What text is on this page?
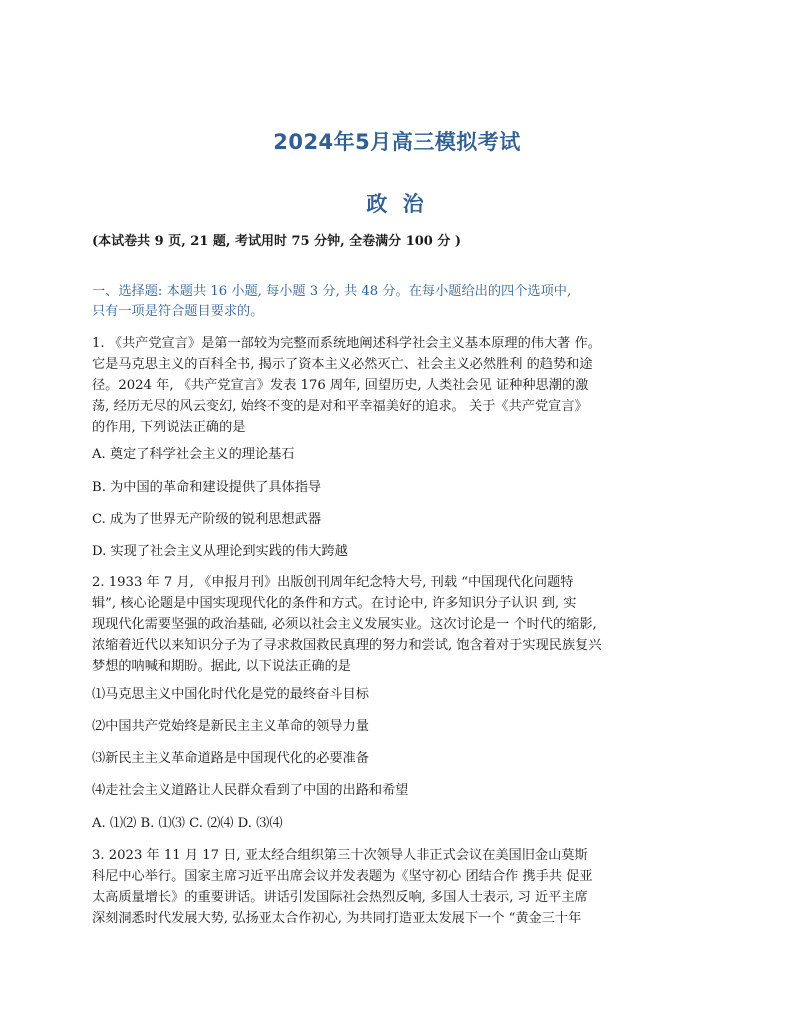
2024年5月高三模拟考试
政 治
(本试卷共 9 页, 21 题, 考试用时 75 分钟, 全卷满分 100 分 )
一、选择题: 本题共 16 小题, 每小题 3 分, 共 48 分。在每小题给出的四个选项中,
只有一项是符合题目要求的。
1. 《共产党宣言》是第一部较为完整而系统地阐述科学社会主义基本原理的伟大著 作。
它是马克思主义的百科全书, 揭示了资本主义必然灭亡、社会主义必然胜利 的趋势和途
径。2024 年, 《共产党宣言》发表 176 周年, 回望历史, 人类社会见 证种种思潮的激
荡, 经历无尽的风云变幻, 始终不变的是对和平幸福美好的追求。 关于《共产党宣言》
的作用, 下列说法正确的是
A. 奠定了科学社会主义的理论基石
B. 为中国的革命和建设提供了具体指导
C. 成为了世界无产阶级的锐利思想武器
D. 实现了社会主义从理论到实践的伟大跨越
2. 1933 年 7 月, 《申报月刊》出版创刊周年纪念特大号, 刊载 “中国现代化问题特
辑”, 核心论题是中国实现现代化的条件和方式。在讨论中, 许多知识分子认识 到, 实
现现代化需要坚强的政治基础, 必须以社会主义发展实业。这次讨论是一 个时代的缩影,
浓缩着近代以来知识分子为了寻求救国救民真理的努力和尝试, 饱含着对于实现民族复兴
梦想的呐喊和期盼。据此, 以下说法正确的是
⑴马克思主义中国化时代化是党的最终奋斗目标
⑵中国共产党始终是新民主主义革命的领导力量
⑶新民主主义革命道路是中国现代化的必要准备
⑷走社会主义道路让人民群众看到了中国的出路和希望
A. ⑴⑵ B. ⑴⑶ C. ⑵⑷ D. ⑶⑷
3. 2023 年 11 月 17 日, 亚太经合组织第三十次领导人非正式会议在美国旧金山莫斯
科尼中心举行。国家主席习近平出席会议并发表题为《坚守初心 团结合作 携手共 促亚
太高质量增长》的重要讲话。讲话引发国际社会热烈反响, 多国人士表示, 习 近平主席
深刻洞悉时代发展大势, 弘扬亚太合作初心, 为共同打造亚太发展下一个 “黄金三十年
